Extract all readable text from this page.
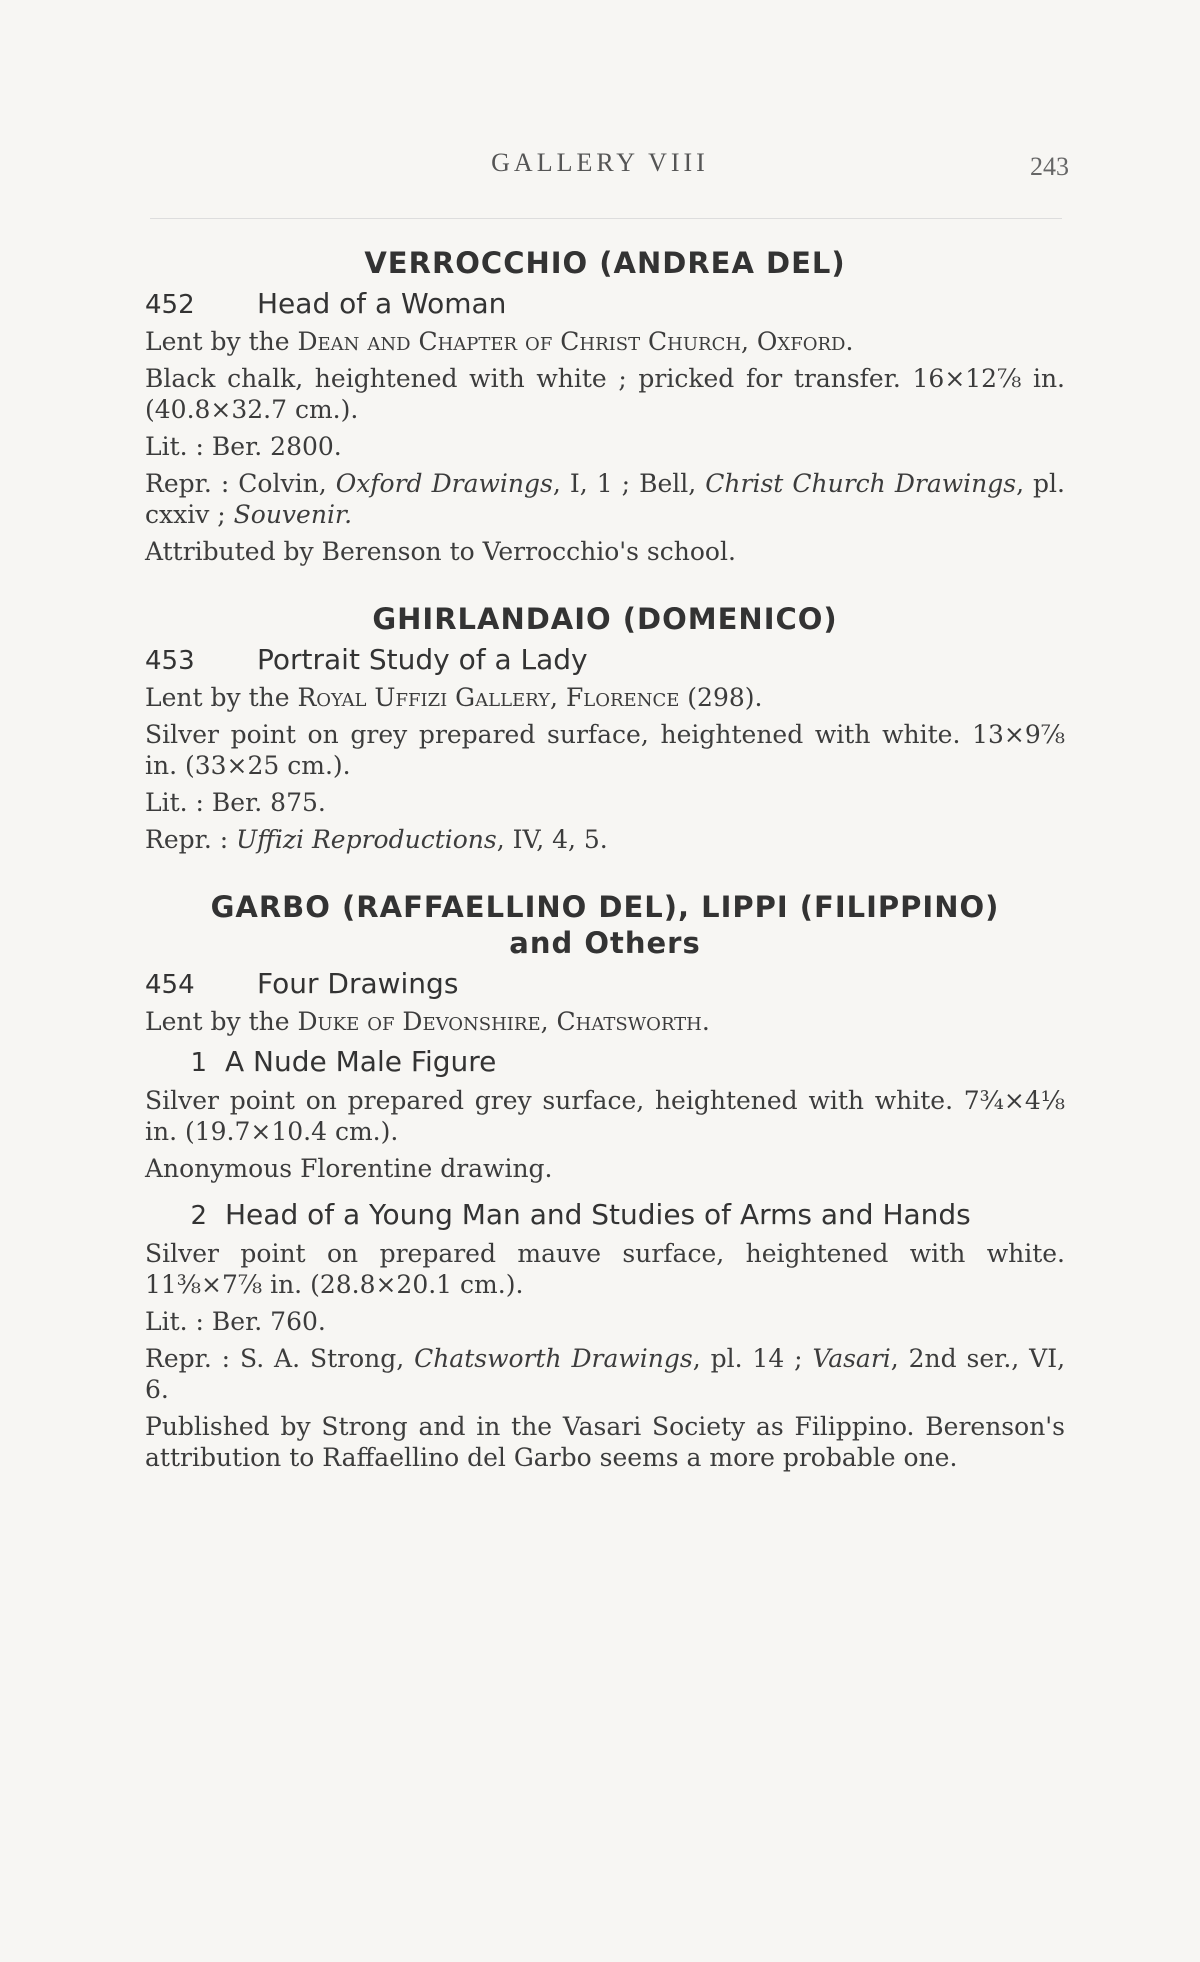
GALLERY VIII	243
VERROCCHIO (ANDREA DEL)
452	Head of a Woman

Lent by the Dean and Chapter of Christ Church, Oxford.

Black chalk, heightened with white ; pricked for transfer. 16×12⅞ in. (40.8×32.7 cm.).

Lit. : Ber. 2800.

Repr. : Colvin, Oxford Drawings, I, 1 ; Bell, Christ Church Drawings, pl. cxxiv ; Souvenir.

Attributed by Berenson to Verrocchio's school.

GHIRLANDAIO (DOMENICO)
453	Portrait Study of a Lady

Lent by the Royal Uffizi Gallery, Florence (298).

Silver point on grey prepared surface, heightened with white. 13×9⅞ in. (33×25 cm.).

Lit. : Ber. 875.

Repr. : Uffizi Reproductions, IV, 4, 5.

GARBO (RAFFAELLINO DEL), LIPPI (FILIPPINO)
and Others
454	Four Drawings

Lent by the Duke of Devonshire, Chatsworth.

1 A Nude Male Figure

Silver point on prepared grey surface, heightened with white. 7¾×4⅛ in. (19.7×10.4 cm.).

Anonymous Florentine drawing.

2 Head of a Young Man and Studies of Arms and Hands

Silver point on prepared mauve surface, heightened with white. 11⅜×7⅞ in. (28.8×20.1 cm.).

Lit. : Ber. 760.

Repr. : S. A. Strong, Chatsworth Drawings, pl. 14 ; Vasari, 2nd ser., VI, 6.

Published by Strong and in the Vasari Society as Filippino. Berenson's attribution to Raffaellino del Garbo seems a more probable one.
